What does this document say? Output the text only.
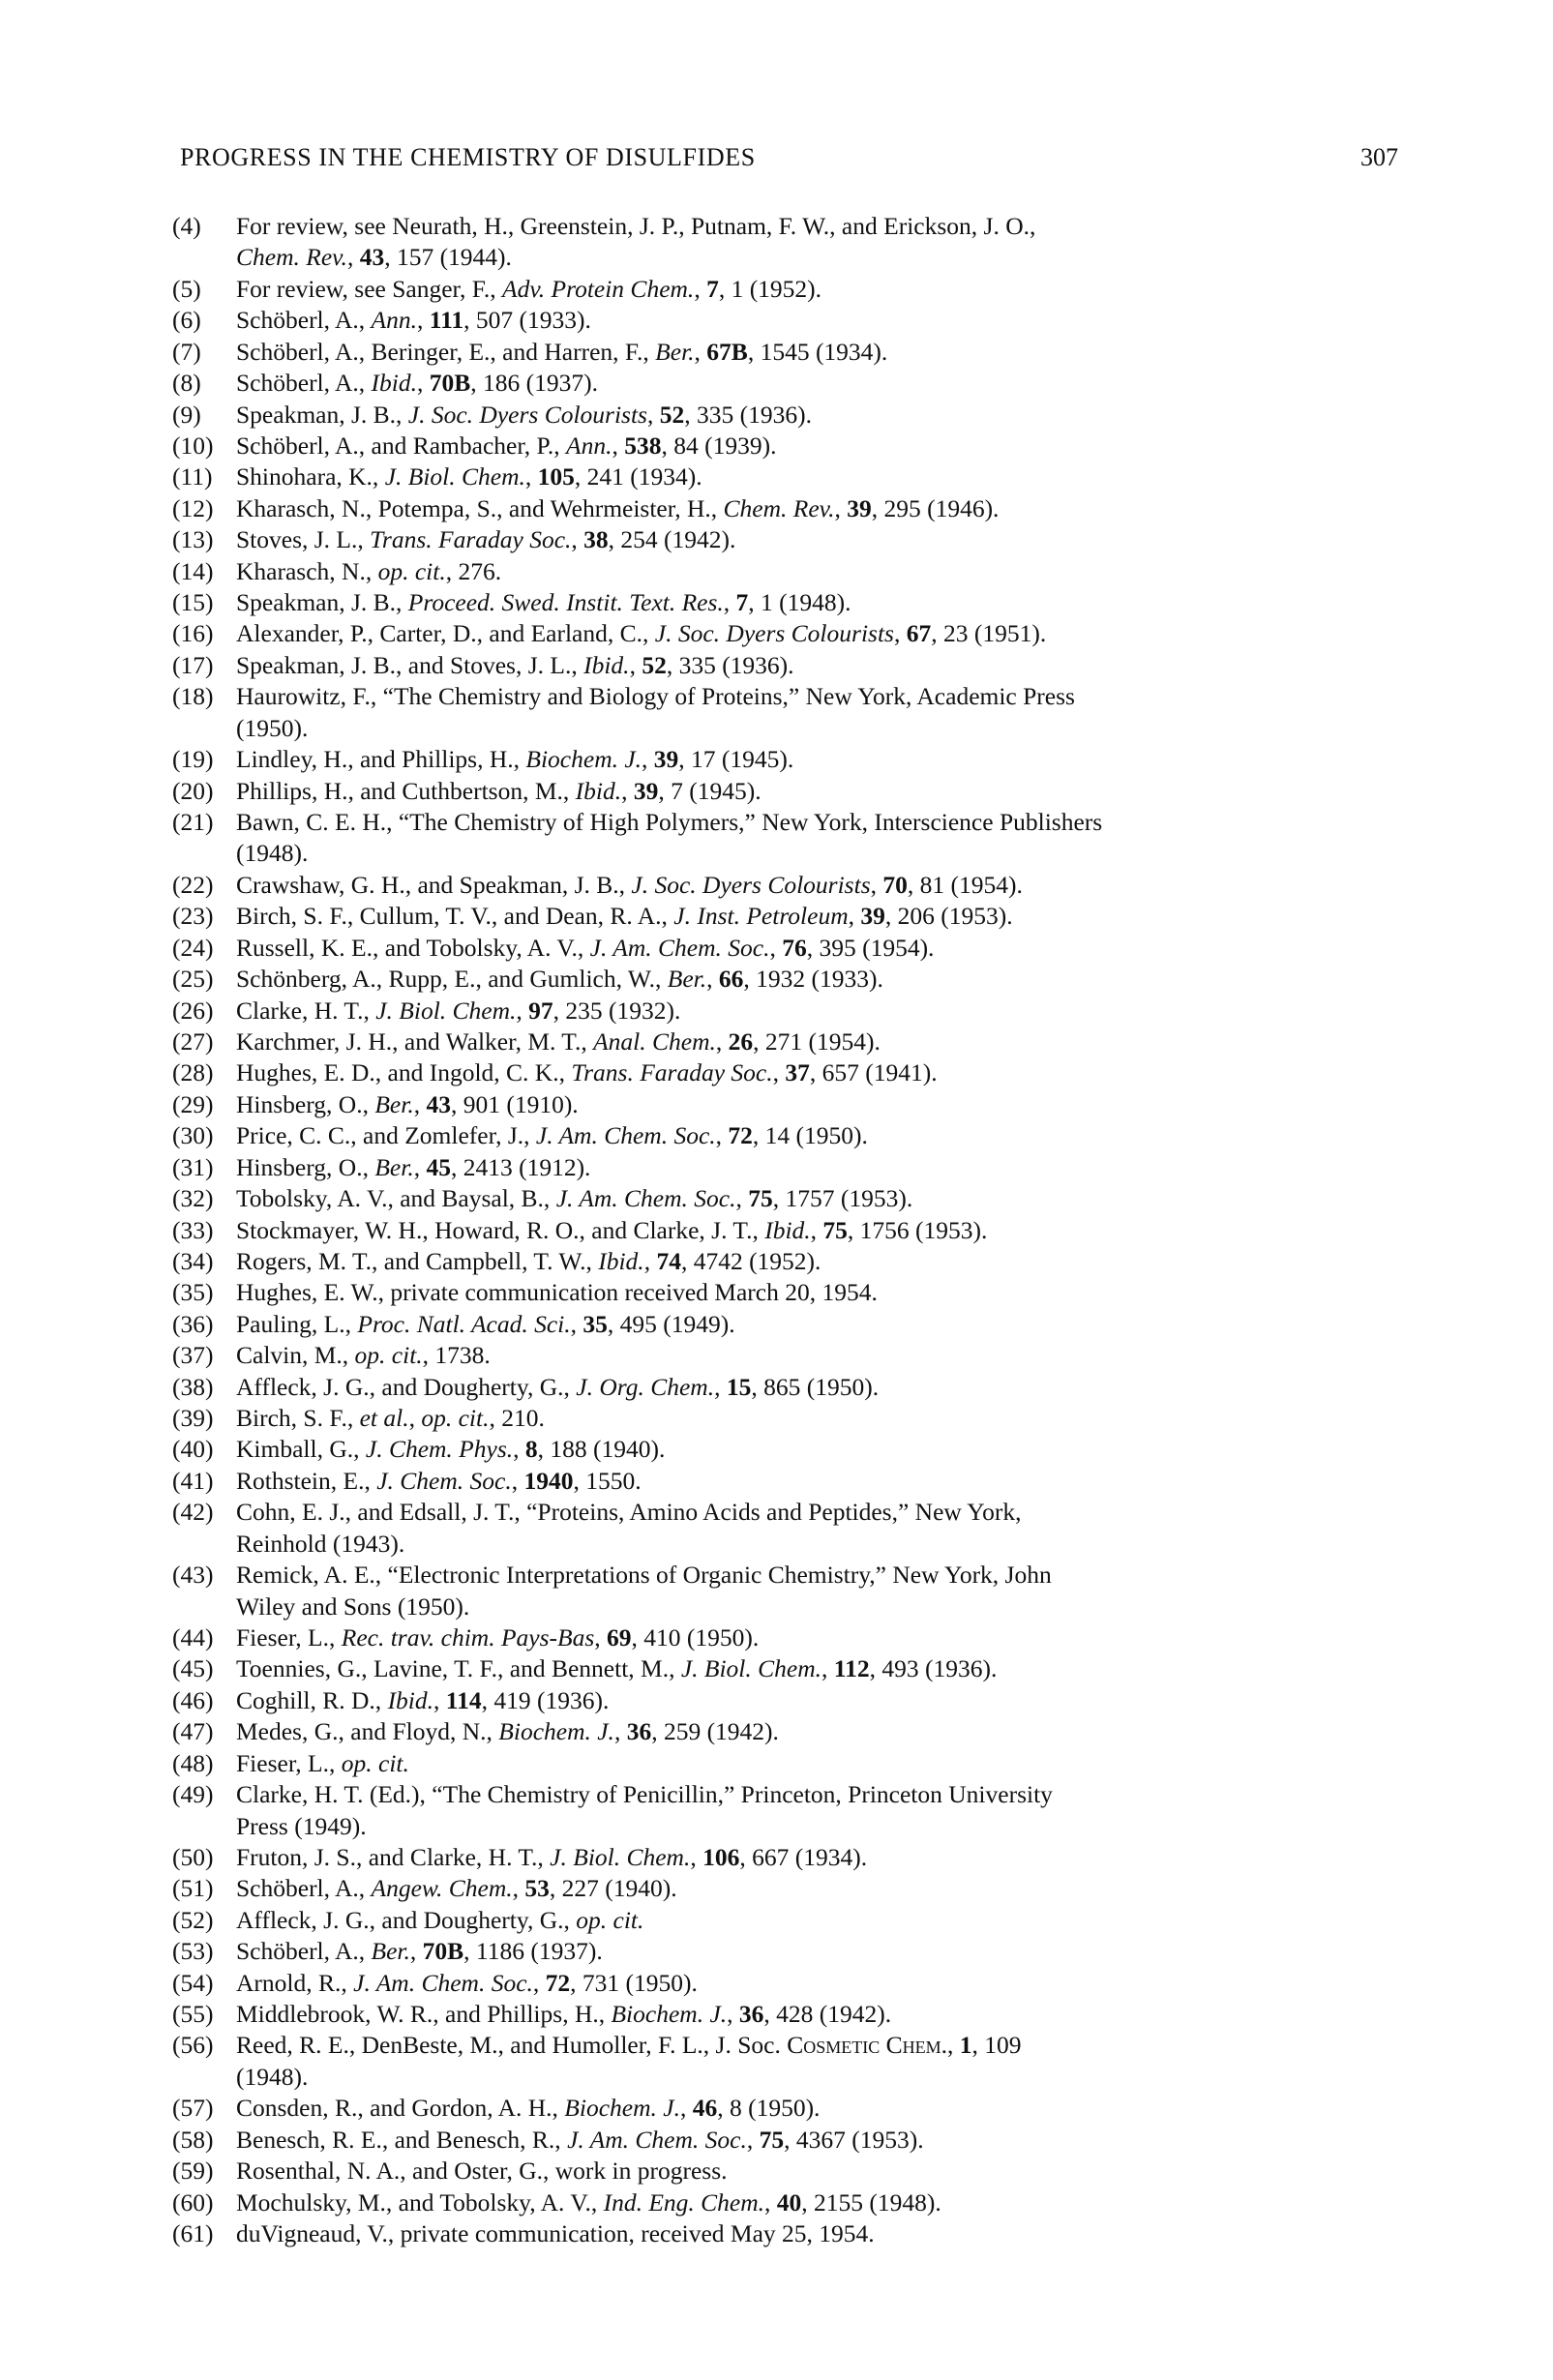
PROGRESS IN THE CHEMISTRY OF DISULFIDES	307
(4)	For review, see Neurath, H., Greenstein, J. P., Putnam, F. W., and Erickson, J. O.,
Chem. Rev., 43, 157 (1944).
(5)	For review, see Sanger, F., Adv. Protein Chem., 7, 1 (1952).
(6)	Schöberl, A., Ann., 111, 507 (1933).
(7)	Schöberl, A., Beringer, E., and Harren, F., Ber., 67B, 1545 (1934).
(8)	Schöberl, A., Ibid., 70B, 186 (1937).
(9)	Speakman, J. B., J. Soc. Dyers Colourists, 52, 335 (1936).
(10) Schöberl, A., and Rambacher, P., Ann., 538, 84 (1939).
(11) Shinohara, K., J. Biol. Chem., 105, 241 (1934).
(12) Kharasch, N., Potempa, S., and Wehrmeister, H., Chem. Rev., 39, 295 (1946).
(13) Stoves, J. L., Trans. Faraday Soc., 38, 254 (1942).
(14) Kharasch, N., op. cit., 276.
(15) Speakman, J. B., Proceed. Swed. Instit. Text. Res., 7, 1 (1948).
(16) Alexander, P., Carter, D., and Earland, C., J. Soc. Dyers Colourists, 67, 23 (1951).
(17) Speakman, J. B., and Stoves, J. L., Ibid., 52, 335 (1936).
(18) Haurowitz, F., “The Chemistry and Biology of Proteins,” New York, Academic Press
(1950).
(19) Lindley, H., and Phillips, H., Biochem. J., 39, 17 (1945).
(20) Phillips, H., and Cuthbertson, M., Ibid., 39, 7 (1945).
(21) Bawn, C. E. H., “The Chemistry of High Polymers,” New York, Interscience Publishers
(1948).
(22) Crawshaw, G. H., and Speakman, J. B., J. Soc. Dyers Colourists, 70, 81 (1954).
(23) Birch, S. F., Cullum, T. V., and Dean, R. A., J. Inst. Petroleum, 39, 206 (1953).
(24) Russell, K. E., and Tobolsky, A. V., J. Am. Chem. Soc., 76, 395 (1954).
(25) Schönberg, A., Rupp, E., and Gumlich, W., Ber., 66, 1932 (1933).
(26) Clarke, H. T., J. Biol. Chem., 97, 235 (1932).
(27) Karchmer, J. H., and Walker, M. T., Anal. Chem., 26, 271 (1954).
(28) Hughes, E. D., and Ingold, C. K., Trans. Faraday Soc., 37, 657 (1941).
(29) Hinsberg, O., Ber., 43, 901 (1910).
(30) Price, C. C., and Zomlefer, J., J. Am. Chem. Soc., 72, 14 (1950).
(31) Hinsberg, O., Ber., 45, 2413 (1912).
(32) Tobolsky, A. V., and Baysal, B., J. Am. Chem. Soc., 75, 1757 (1953).
(33) Stockmayer, W. H., Howard, R. O., and Clarke, J. T., Ibid., 75, 1756 (1953).
(34) Rogers, M. T., and Campbell, T. W., Ibid., 74, 4742 (1952).
(35) Hughes, E. W., private communication received March 20, 1954.
(36) Pauling, L., Proc. Natl. Acad. Sci., 35, 495 (1949).
(37) Calvin, M., op. cit., 1738.
(38) Affleck, J. G., and Dougherty, G., J. Org. Chem., 15, 865 (1950).
(39) Birch, S. F., et al., op. cit., 210.
(40) Kimball, G., J. Chem. Phys., 8, 188 (1940).
(41) Rothstein, E., J. Chem. Soc., 1940, 1550.
(42) Cohn, E. J., and Edsall, J. T., “Proteins, Amino Acids and Peptides,” New York,
Reinhold (1943).
(43) Remick, A. E., “Electronic Interpretations of Organic Chemistry,” New York, John
Wiley and Sons (1950).
(44) Fieser, L., Rec. trav. chim. Pays-Bas, 69, 410 (1950).
(45) Toennies, G., Lavine, T. F., and Bennett, M., J. Biol. Chem., 112, 493 (1936).
(46) Coghill, R. D., Ibid., 114, 419 (1936).
(47) Medes, G., and Floyd, N., Biochem. J., 36, 259 (1942).
(48) Fieser, L., op. cit.
(49) Clarke, H. T. (Ed.), “The Chemistry of Penicillin,” Princeton, Princeton University
Press (1949).
(50) Fruton, J. S., and Clarke, H. T., J. Biol. Chem., 106, 667 (1934).
(51) Schöberl, A., Angew. Chem., 53, 227 (1940).
(52) Affleck, J. G., and Dougherty, G., op. cit.
(53) Schöberl, A., Ber., 70B, 1186 (1937).
(54) Arnold, R., J. Am. Chem. Soc., 72, 731 (1950).
(55) Middlebrook, W. R., and Phillips, H., Biochem. J., 36, 428 (1942).
(56) Reed, R. E., DenBeste, M., and Humoller, F. L., J. Soc. Cosmetic Chem., 1, 109
(1948).
(57) Consden, R., and Gordon, A. H., Biochem. J., 46, 8 (1950).
(58) Benesch, R. E., and Benesch, R., J. Am. Chem. Soc., 75, 4367 (1953).
(59) Rosenthal, N. A., and Oster, G., work in progress.
(60) Mochulsky, M., and Tobolsky, A. V., Ind. Eng. Chem., 40, 2155 (1948).
(61) duVigneaud, V., private communication, received May 25, 1954.
